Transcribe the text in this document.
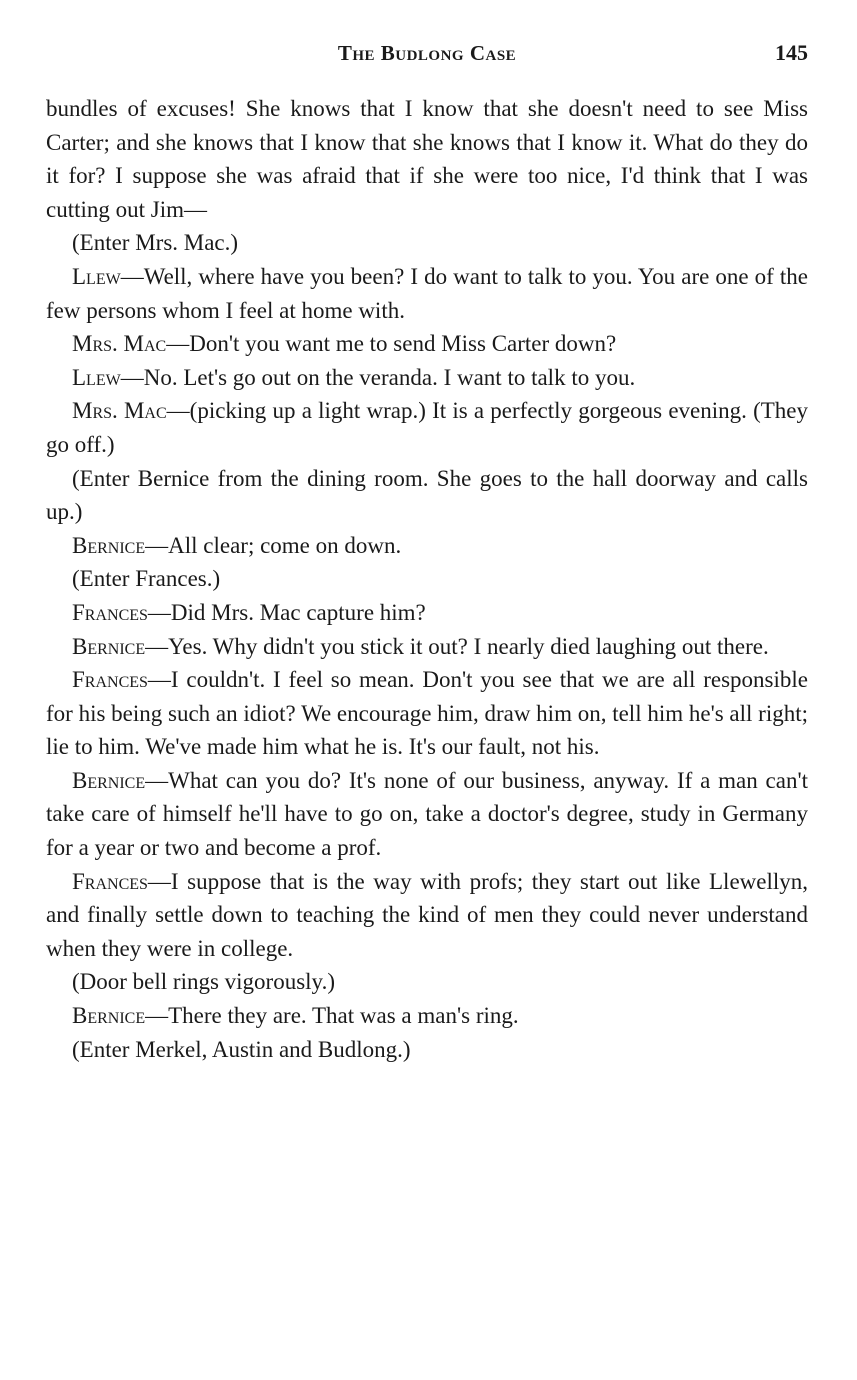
The Budlong Case	145

bundles of excuses! She knows that I know that she doesn't need to see Miss Carter; and she knows that I know that she knows that I know it. What do they do it for? I suppose she was afraid that if she were too nice, I'd think that I was cutting out Jim—

(Enter Mrs. Mac.)

Llew—Well, where have you been? I do want to talk to you. You are one of the few persons whom I feel at home with.

Mrs. Mac—Don't you want me to send Miss Carter down?

Llew—No. Let's go out on the veranda. I want to talk to you.

Mrs. Mac—(picking up a light wrap.) It is a perfectly gorgeous evening. (They go off.)

(Enter Bernice from the dining room. She goes to the hall doorway and calls up.)

Bernice—All clear; come on down.

(Enter Frances.)

Frances—Did Mrs. Mac capture him?

Bernice—Yes. Why didn't you stick it out? I nearly died laughing out there.

Frances—I couldn't. I feel so mean. Don't you see that we are all responsible for his being such an idiot? We encourage him, draw him on, tell him he's all right; lie to him. We've made him what he is. It's our fault, not his.

Bernice—What can you do? It's none of our business, anyway. If a man can't take care of himself he'll have to go on, take a doctor's degree, study in Germany for a year or two and become a prof.

Frances—I suppose that is the way with profs; they start out like Llewellyn, and finally settle down to teaching the kind of men they could never understand when they were in college.

(Door bell rings vigorously.)

Bernice—There they are. That was a man's ring.

(Enter Merkel, Austin and Budlong.)
